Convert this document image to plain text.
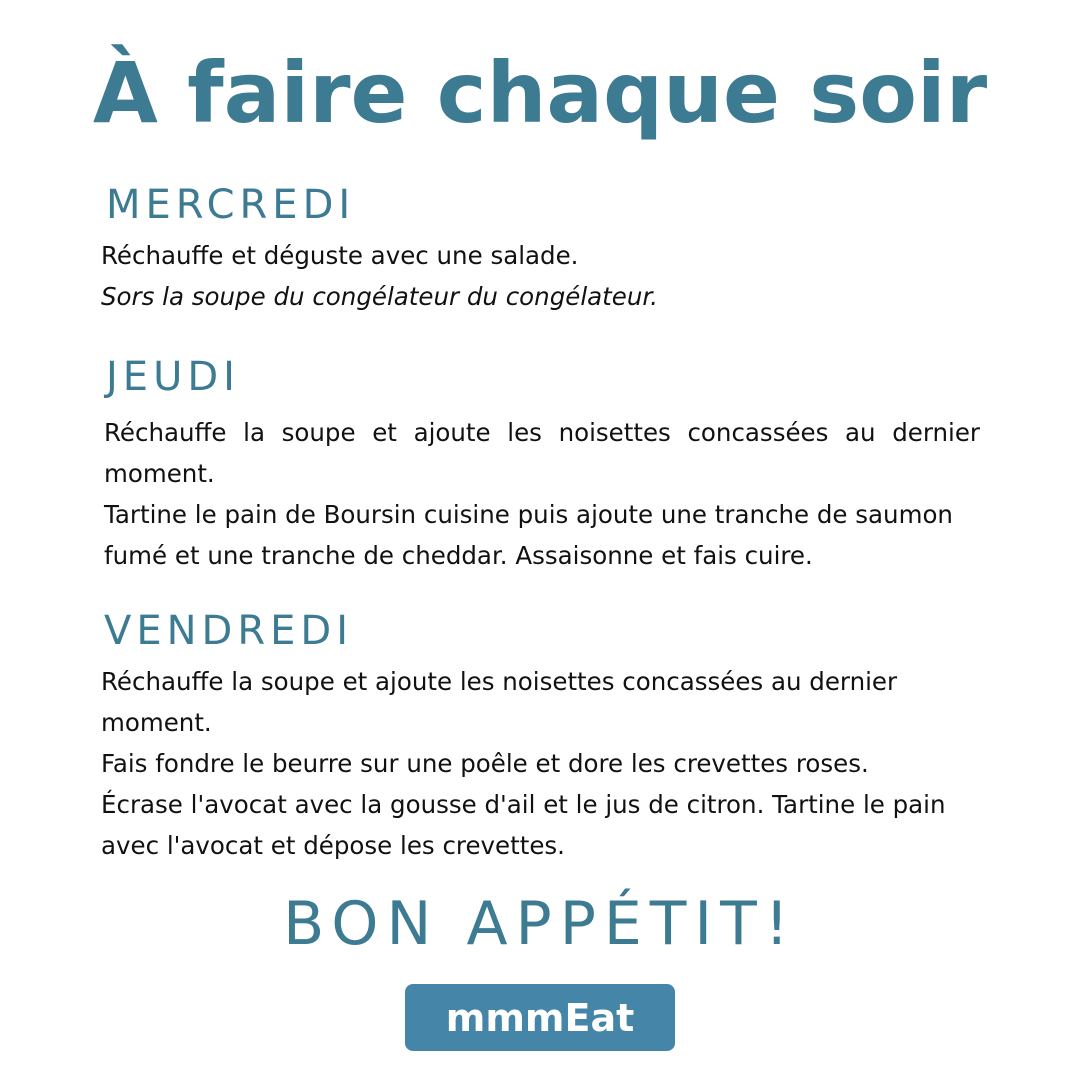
À faire chaque soir
MERCREDI

Réchauffe et déguste avec une salade.

Sors la soupe du congélateur du congélateur.

JEUDI

Réchauffe la soupe et ajoute les noisettes concassées au dernier moment.

Tartine le pain de Boursin cuisine puis ajoute une tranche de saumon fumé et une tranche de cheddar. Assaisonne et fais cuire.

VENDREDI

Réchauffe la soupe et ajoute les noisettes concassées au dernier moment.

Fais fondre le beurre sur une poêle et dore les crevettes roses.

Écrase l'avocat avec la gousse d'ail et le jus de citron. Tartine le pain avec l'avocat et dépose les crevettes.

BON APPÉTIT!
mmmEat
